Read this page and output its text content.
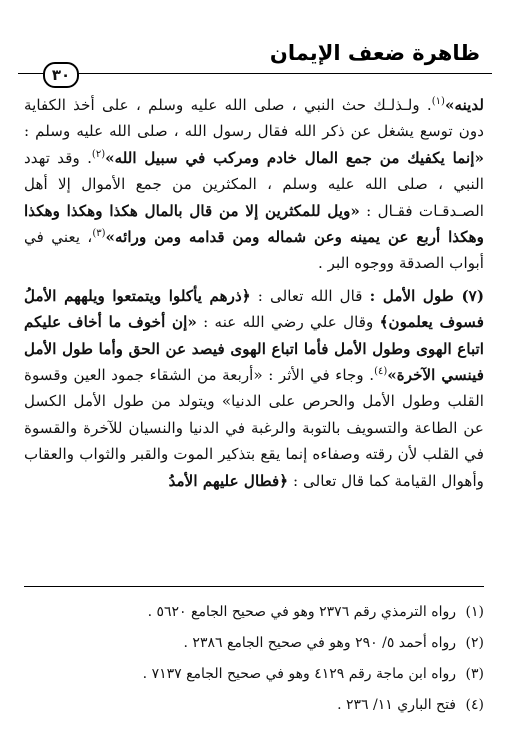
ظاهرة ضعف الإيمان
٣٠

لدينه»$^{(١)}$. ولـذلـك حث النبي ، صلى الله عليه وسلم ، على أخذ الكفاية دون توسع يشغل عن ذكر الله فقال رسول الله ، صلى الله عليه وسلم : «إنما يكفيك من جمع المال خادم ومركب في سبيل الله»$^{(٢)}$. وقد تهدد النبي ، صلى الله عليه وسلم ، المكثرين من جمع الأموال إلا أهل الصـدقـات فقـال : «ويل للمكثرين إلا من قال بالمال هكذا وهكذا وهكذا وهكذا أربع عن يمينه وعن شماله ومن قدامه ومن ورائه»$^{(٣)}$، يعني في أبواب الصدقة ووجوه البر .

(٧) طول الأمل : قال الله تعالى : ﴿ذرهم يأكلوا ويتمتعوا ويلههم الأملُ فسوف يعلمون﴾ وقال علي رضي الله عنه : «إن أخوف ما أخاف عليكم اتباع الهوى وطول الأمل فأما اتباع الهوى فيصد عن الحق وأما طول الأمل فينسي الآخرة»$^{(٤)}$. وجاء في الأثر : «أربعة من الشقاء جمود العين وقسوة القلب وطول الأمل والحرص على الدنيا» ويتولد من طول الأمل الكسل عن الطاعة والتسويف بالتوبة والرغبة في الدنيا والنسيان للآخرة والقسوة في القلب لأن رقته وصفاءه إنما يقع بتذكير الموت والقبر والثواب والعقاب وأهوال القيامة كما قال تعالى : ﴿فطال عليهم الأمدُ

(١)رواه الترمذي رقم ٢٣٧٦ وهو في صحيح الجامع ٥٦٢٠ .
(٢)رواه أحمد ٥/ ٢٩٠ وهو في صحيح الجامع ٢٣٨٦ .
(٣)رواه ابن ماجة رقم ٤١٢٩ وهو في صحيح الجامع ٧١٣٧ .
(٤)فتح الباري ١١/ ٢٣٦ .
